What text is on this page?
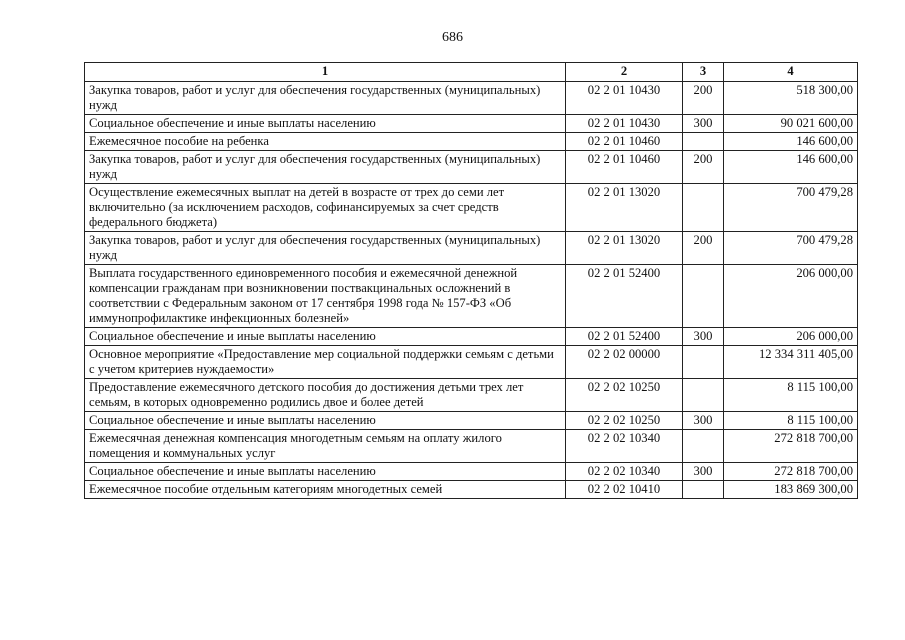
686
1	2	3	4
Закупка товаров, работ и услуг для обеспечения государственных (муниципальных) нужд	02 2 01 10430	200	518 300,00
Социальное обеспечение и иные выплаты населению	02 2 01 10430	300	90 021 600,00
Ежемесячное пособие на ребенка	02 2 01 10460		146 600,00
Закупка товаров, работ и услуг для обеспечения государственных (муниципальных) нужд	02 2 01 10460	200	146 600,00
Осуществление ежемесячных выплат на детей в возрасте от трех до семи лет включительно (за исключением расходов, софинансируемых за счет средств федерального бюджета)	02 2 01 13020		700 479,28
Закупка товаров, работ и услуг для обеспечения государственных (муниципальных) нужд	02 2 01 13020	200	700 479,28
Выплата государственного единовременного пособия и ежемесячной денежной компенсации гражданам при возникновении поствакцинальных осложнений в соответствии с Федеральным законом от 17 сентября 1998 года № 157-ФЗ «Об иммунопрофилактике инфекционных болезней»	02 2 01 52400		206 000,00
Социальное обеспечение и иные выплаты населению	02 2 01 52400	300	206 000,00
Основное мероприятие «Предоставление мер социальной поддержки семьям с детьми с учетом критериев нуждаемости»	02 2 02 00000		12 334 311 405,00
Предоставление ежемесячного детского пособия до достижения детьми трех лет семьям, в которых одновременно родились двое и более детей	02 2 02 10250		8 115 100,00
Социальное обеспечение и иные выплаты населению	02 2 02 10250	300	8 115 100,00
Ежемесячная денежная компенсация многодетным семьям на оплату жилого помещения и коммунальных услуг	02 2 02 10340		272 818 700,00
Социальное обеспечение и иные выплаты населению	02 2 02 10340	300	272 818 700,00
Ежемесячное пособие отдельным категориям многодетных семей	02 2 02 10410		183 869 300,00
